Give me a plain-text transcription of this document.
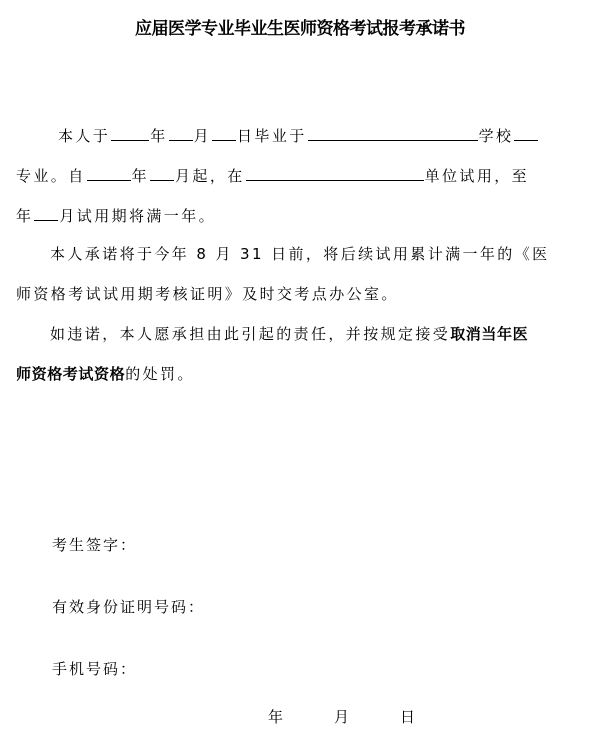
应届医学专业毕业生医师资格考试报考承诺书
本人于	年 月 日毕业于	学校
专业。自	年 月起，在	单位试用，至
年 月试用期将满一年。
本人承诺将于今年 8 月 31 日前，将后续试用累计满一年的《医
师资格考试试用期考核证明》及时交考点办公室。
如违诺，本人愿承担由此引起的责任，并按规定接受取消当年医
师资格考试资格的处罚。
考生签字：
有效身份证明号码：
手机号码：
年	月	日
